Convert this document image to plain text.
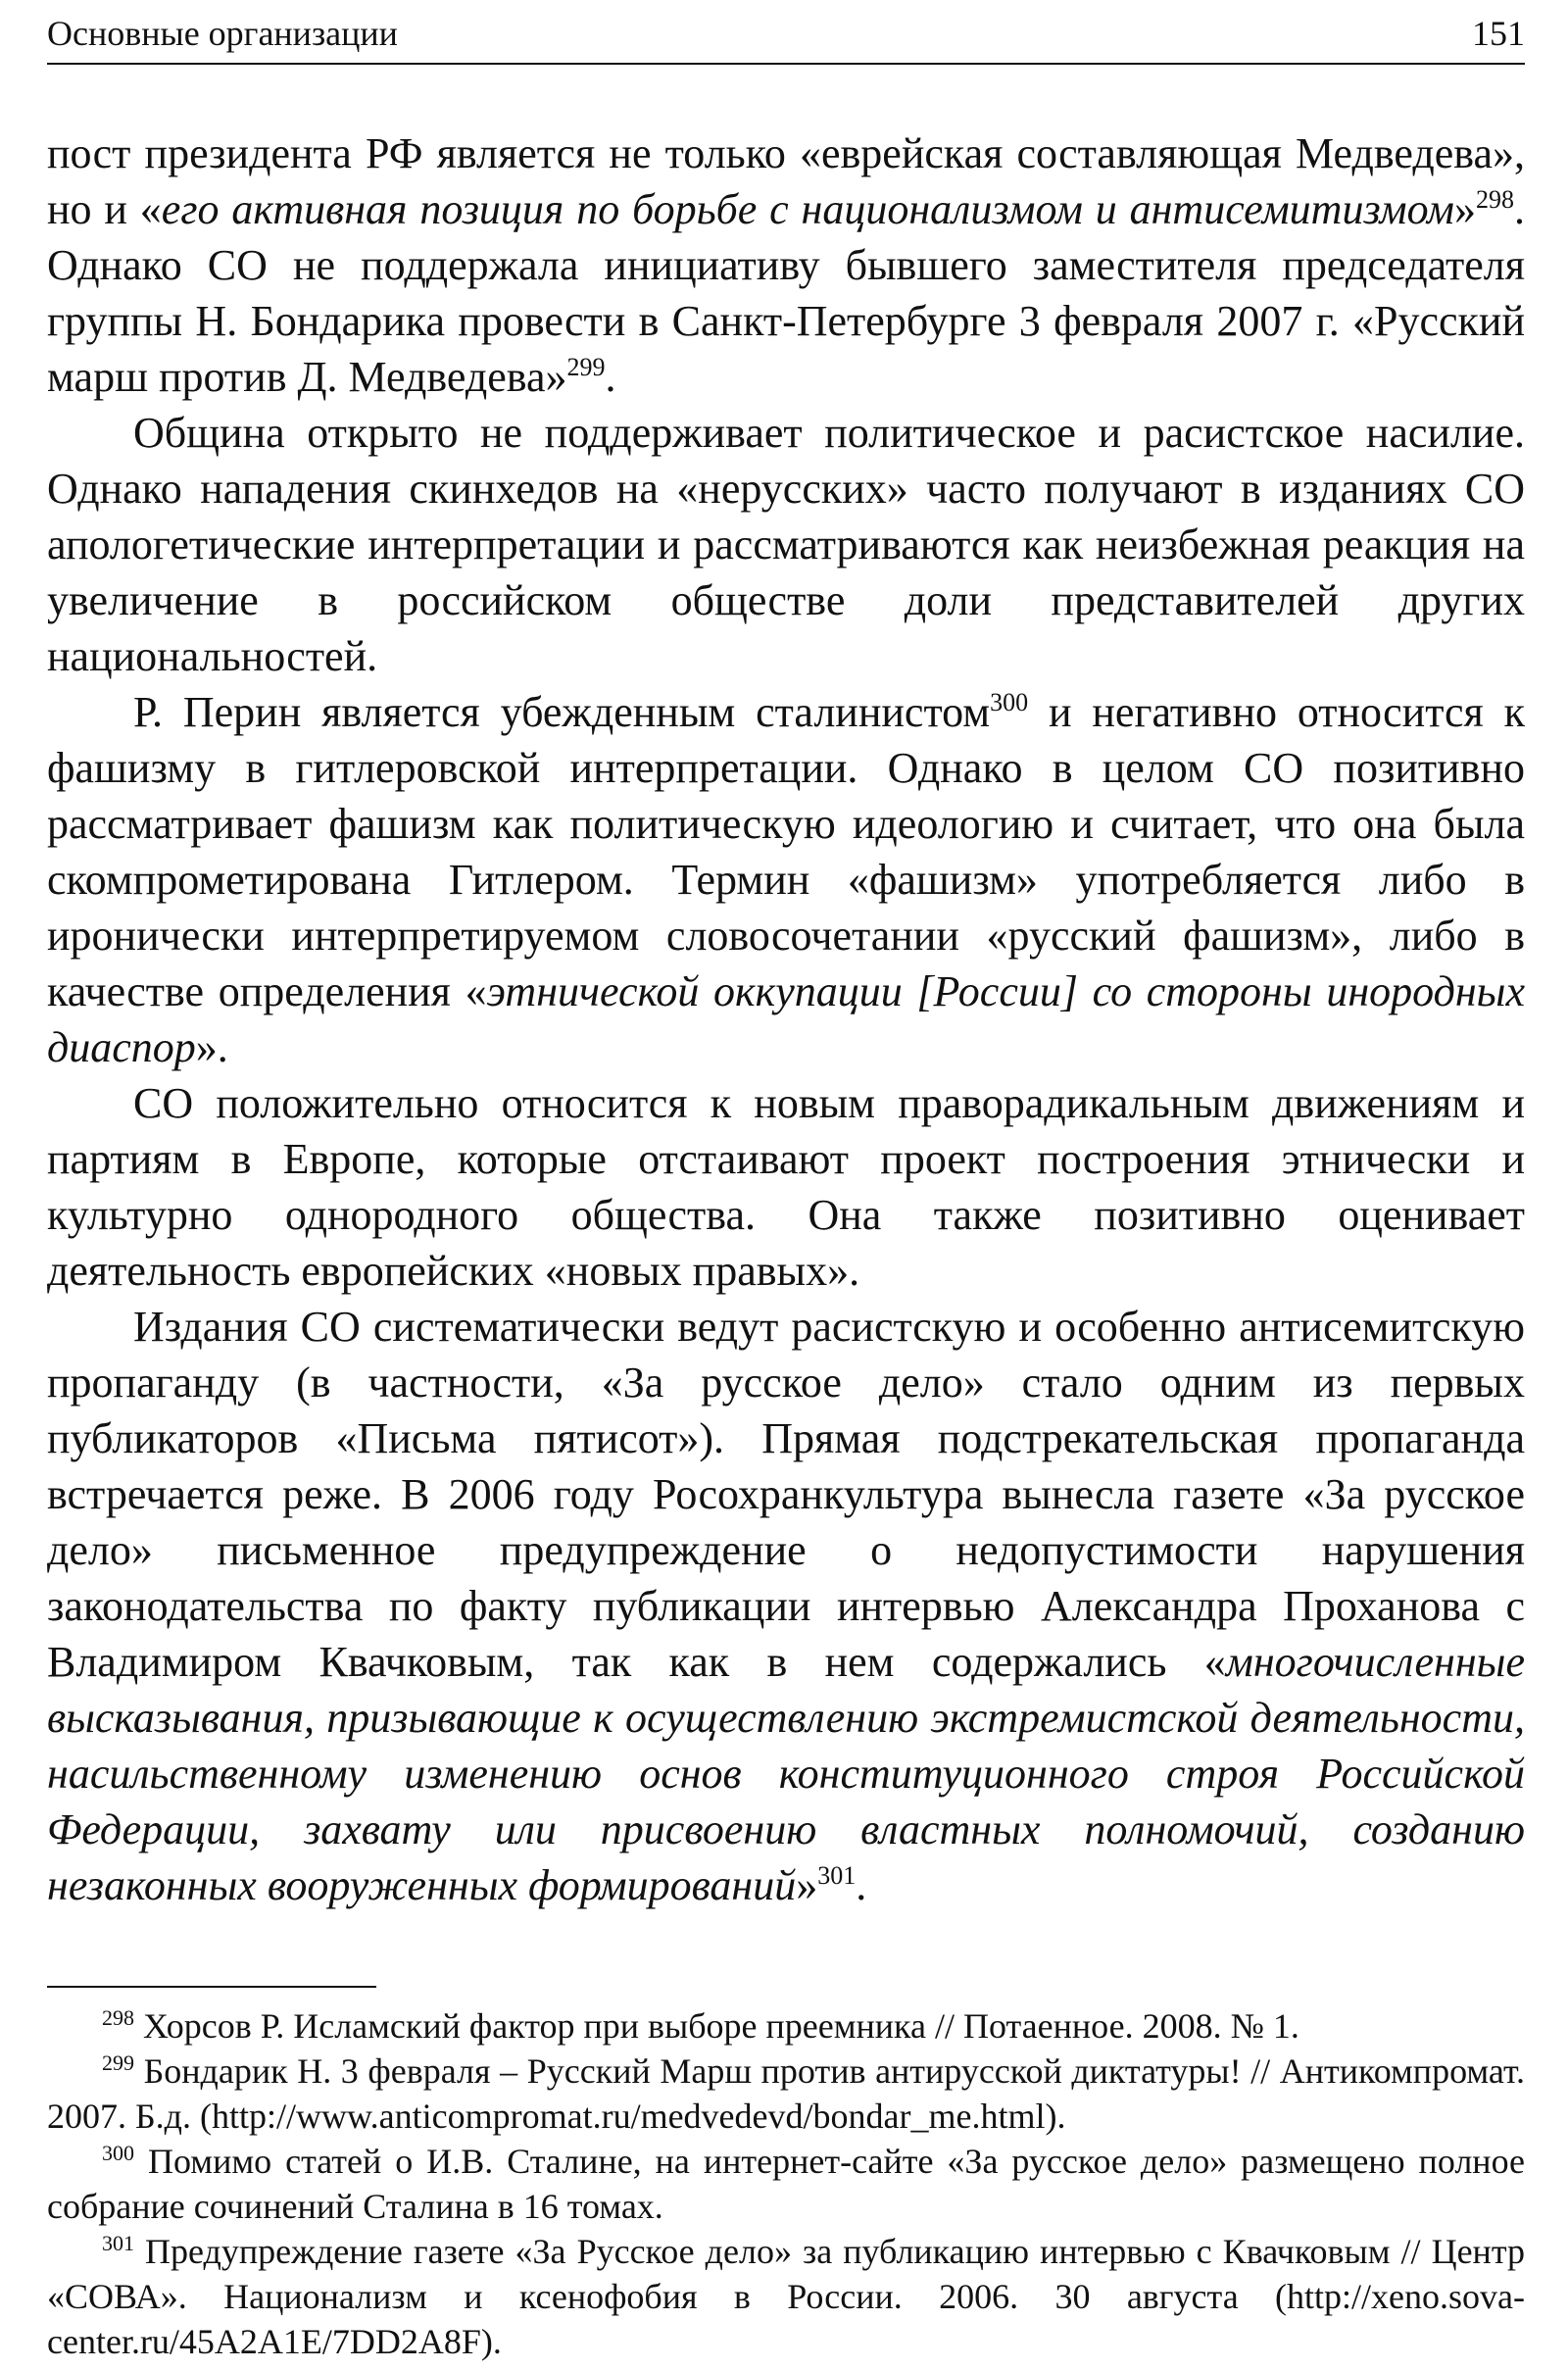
Основные организации	151

пост президента РФ является не только «еврейская составляющая Медведева», но и «его активная позиция по борьбе с национализмом и антисемитизмом»$^{298}$. Однако СО не поддержала инициативу бывшего заместителя председателя группы Н. Бондарика провести в Санкт-Петербурге 3 февраля 2007 г. «Русский марш против Д. Медведева»$^{299}$.

Община открыто не поддерживает политическое и расистское насилие. Однако нападения скинхедов на «нерусских» часто получают в изданиях СО апологетические интерпретации и рассматриваются как неизбежная реакция на увеличение в российском обществе доли представителей других национальностей.

Р. Перин является убежденным сталинистом$^{300}$ и негативно относится к фашизму в гитлеровской интерпретации. Однако в целом СО позитивно рассматривает фашизм как политическую идеологию и считает, что она была скомпрометирована Гитлером. Термин «фашизм» употребляется либо в иронически интерпретируемом словосочетании «русский фашизм», либо в качестве определения «этнической оккупации [России] со стороны инородных диаспор».

СО положительно относится к новым праворадикальным движениям и партиям в Европе, которые отстаивают проект построения этнически и культурно однородного общества. Она также позитивно оценивает деятельность европейских «новых правых».

Издания СО систематически ведут расистскую и особенно антисемитскую пропаганду (в частности, «За русское дело» стало одним из первых публикаторов «Письма пятисот»). Прямая подстрекательская пропаганда встречается реже. В 2006 году Росохранкультура вынесла газете «За русское дело» письменное предупреждение о недопустимости нарушения законодательства по факту публикации интервью Александра Проханова с Владимиром Квачковым, так как в нем содержались «многочисленные высказывания, призывающие к осуществлению экстремистской деятельности, насильственному изменению основ конституционного строя Российской Федерации, захвату или присвоению властных полномочий, созданию незаконных вооруженных формирований»$^{301}$.

$^{298}$ Хорсов Р. Исламский фактор при выборе преемника // Потаенное. 2008. № 1.

$^{299}$ Бондарик Н. 3 февраля – Русский Марш против антирусской диктатуры! // Антикомпромат. 2007. Б.д. (http://www.anticompromat.ru/medvedevd/bondar_me.html).

$^{300}$ Помимо статей о И.В. Сталине, на интернет-сайте «За русское дело» размещено полное собрание сочинений Сталина в 16 томах.

$^{301}$ Предупреждение газете «За Русское дело» за публикацию интервью с Квачковым // Центр «СОВА». Национализм и ксенофобия в России. 2006. 30 августа (http://xeno.sova-center.ru/45A2A1E/7DD2A8F).
